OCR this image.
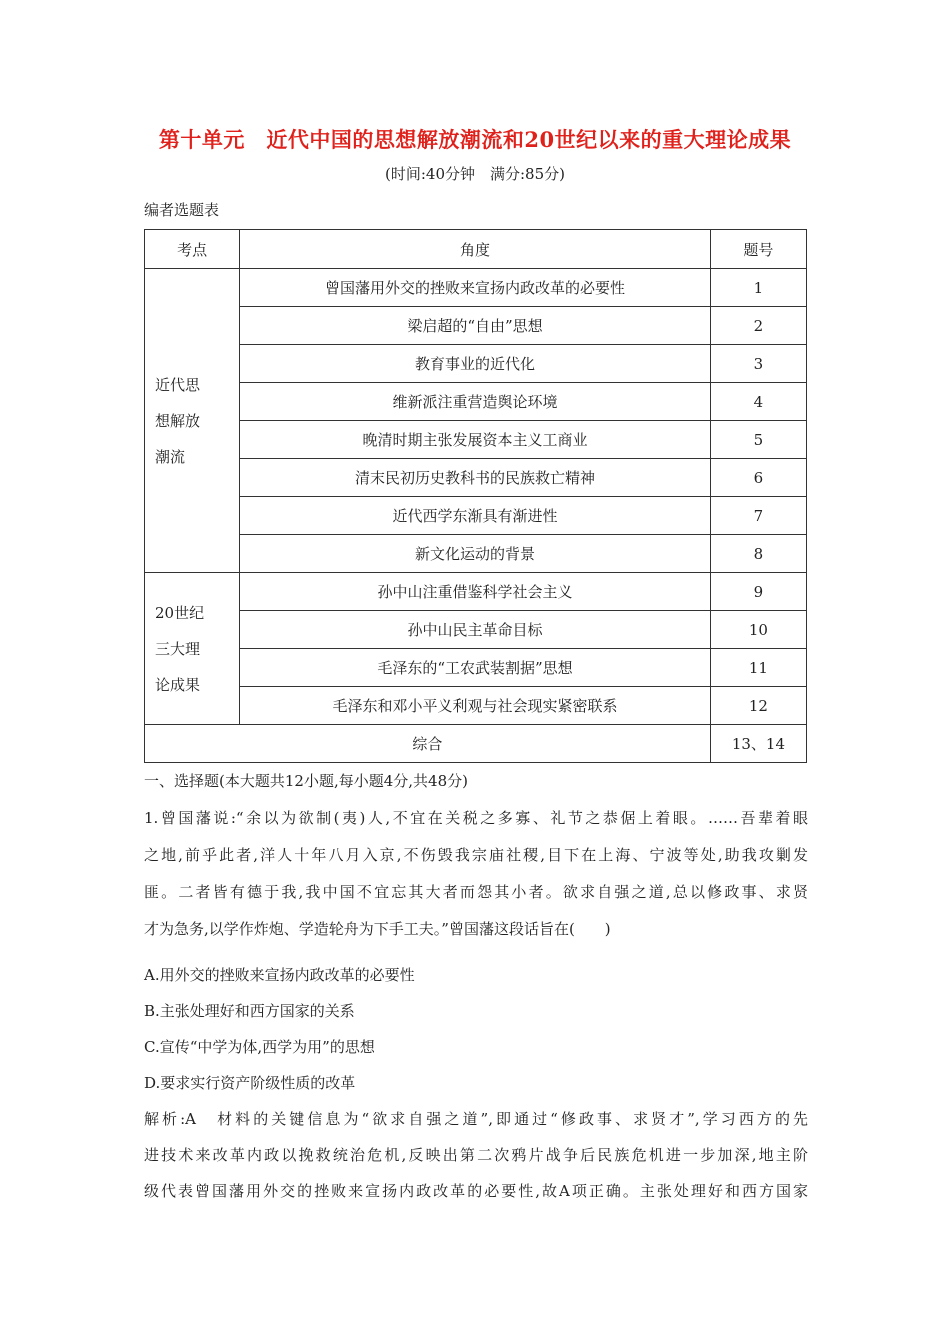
第十单元　近代中国的思想解放潮流和20世纪以来的重大理论成果
(时间:40分钟　满分:85分)
编者选题表
考点	角度	题号

近代思
想解放
潮流	曾国藩用外交的挫败来宣扬内政改革的必要性	1
	梁启超的“自由”思想	2
	教育事业的近代化	3
	维新派注重营造舆论环境	4
	晚清时期主张发展资本主义工商业	5
	清末民初历史教科书的民族救亡精神	6
	近代西学东渐具有渐进性	7
	新文化运动的背景	8

20世纪
三大理
论成果	孙中山注重借鉴科学社会主义	9
	孙中山民主革命目标	10
	毛泽东的“工农武装割据”思想	11
	毛泽东和邓小平义利观与社会现实紧密联系	12
综合		13、14
一、选择题(本大题共12小题,每小题4分,共48分)
1.曾国藩说:“余以为欲制(夷)人,不宜在关税之多寡、礼节之恭倨上着眼。……吾辈着眼
之地,前乎此者,洋人十年八月入京,不伤毁我宗庙社稷,目下在上海、宁波等处,助我攻剿发
匪。二者皆有德于我,我中国不宜忘其大者而怨其小者。欲求自强之道,总以修政事、求贤
才为急务,以学作炸炮、学造轮舟为下手工夫。”曾国藩这段话旨在(　　)
A.用外交的挫败来宣扬内政改革的必要性
B.主张处理好和西方国家的关系
C.宣传“中学为体,西学为用”的思想
D.要求实行资产阶级性质的改革
解析:A　材料的关键信息为“欲求自强之道”,即通过“修政事、求贤才”,学习西方的先
进技术来改革内政以挽救统治危机,反映出第二次鸦片战争后民族危机进一步加深,地主阶
级代表曾国藩用外交的挫败来宣扬内政改革的必要性,故A项正确。主张处理好和西方国家
